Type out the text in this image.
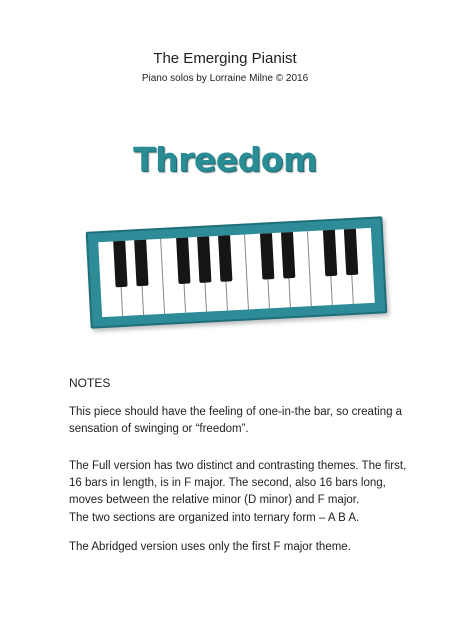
The Emerging Pianist
Piano solos by Lorraine Milne © 2016
Threedom
NOTES
This piece should have the feeling of one-in-the bar, so creating a sensation of swinging or “freedom”.
The Full version has two distinct and contrasting themes. The first, 16 bars in length, is in F major. The second, also 16 bars long, moves between the relative minor (D minor) and F major.
The two sections are organized into ternary form – A B A.
The Abridged version uses only the first F major theme.
